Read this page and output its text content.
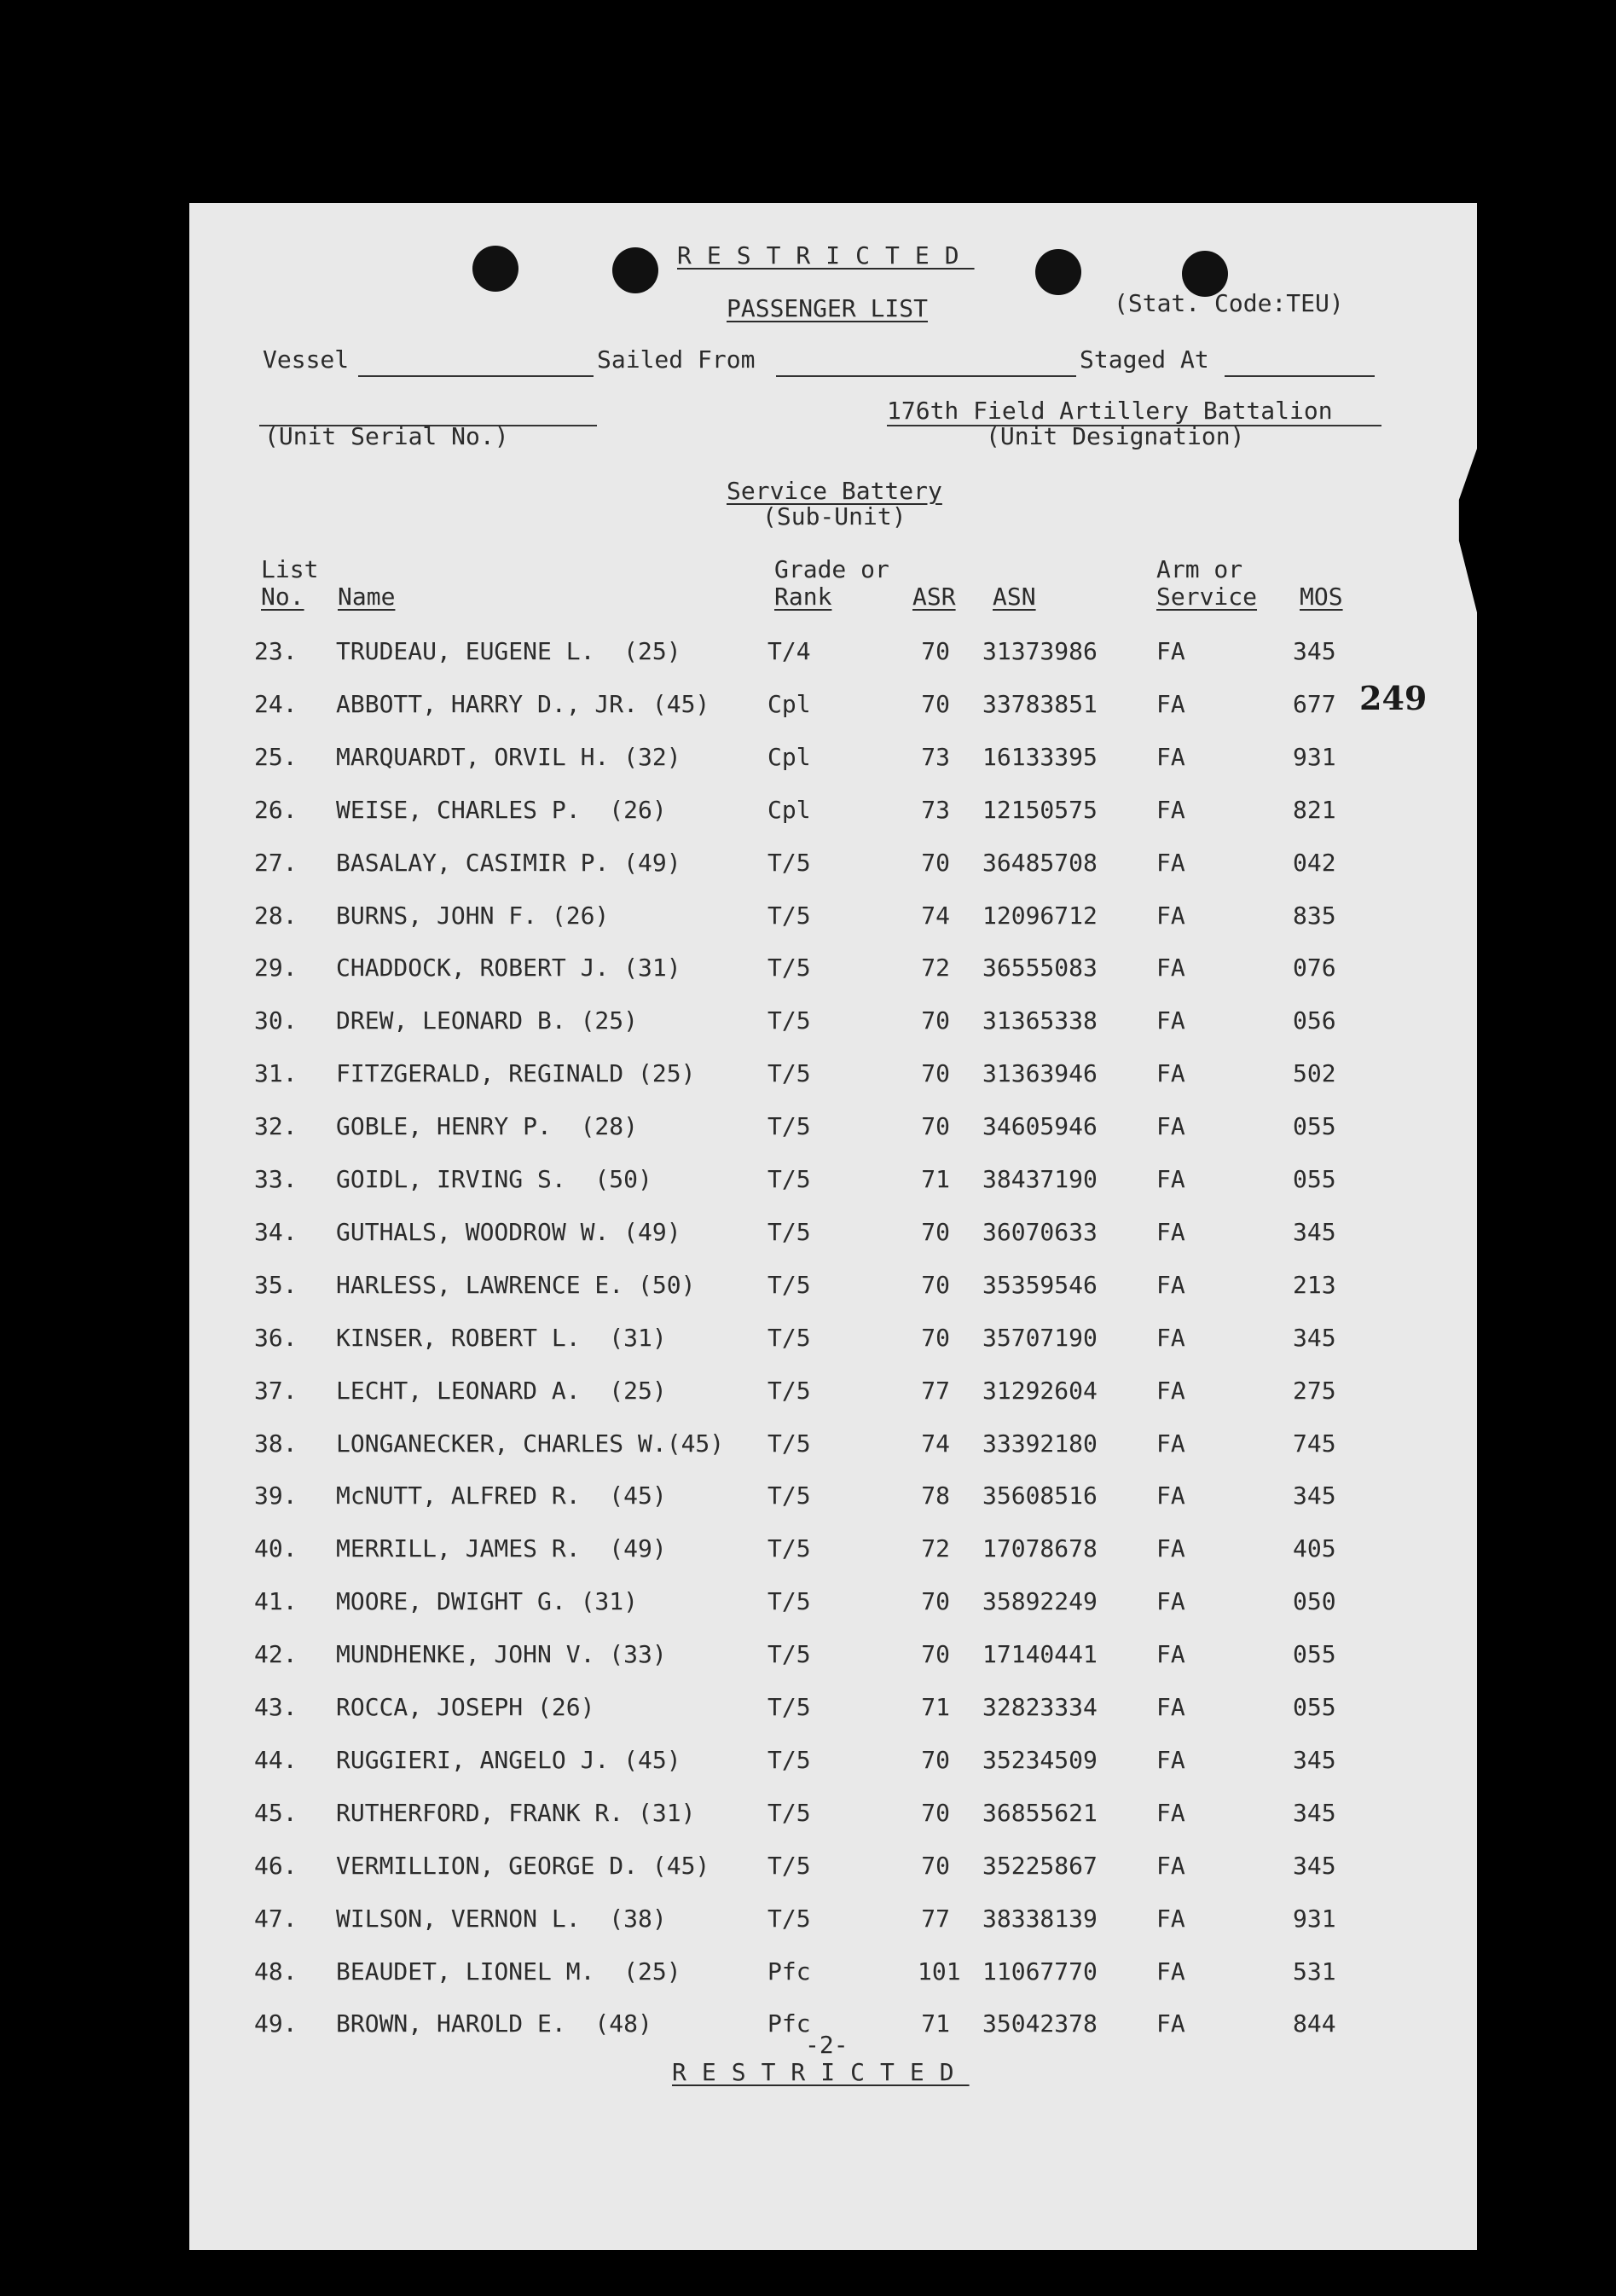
RESTRICTED
PASSENGER LIST	(Stat. Code:TEU)
Vessel	Sailed From	Staged At
(Unit Serial No.)
176th Field Artillery Battalion
(Unit Designation)
Service Battery
(Sub-Unit)
List
No. Name
Grade or
Rank	ASR ASN
Arm or
Service MOS
23. TRUDEAU, EUGENE L.  (25)	T/4	70 31373986 FA	345
24. ABBOTT, HARRY D., JR. (45) Cpl	70 33783851 FA	677
25. MARQUARDT, ORVIL H. (32)	Cpl	73 16133395 FA	931
26. WEISE, CHARLES P.  (26)	Cpl	73 12150575 FA	821
27. BASALAY, CASIMIR P. (49)	T/5	70 36485708 FA	042
28. BURNS, JOHN F. (26)	T/5	74 12096712 FA	835
29. CHADDOCK, ROBERT J. (31)	T/5	72 36555083 FA	076
30. DREW, LEONARD B. (25)	T/5	70 31365338 FA	056
31. FITZGERALD, REGINALD (25)	T/5	70 31363946 FA	502
32. GOBLE, HENRY P.  (28)	T/5	70 34605946 FA	055
33. GOIDL, IRVING S.  (50)	T/5	71 38437190 FA	055
34. GUTHALS, WOODROW W. (49)	T/5	70 36070633 FA	345
35. HARLESS, LAWRENCE E. (50)	T/5	70 35359546 FA	213
36. KINSER, ROBERT L.  (31)	T/5	70 35707190 FA	345
37. LECHT, LEONARD A.  (25)	T/5	77 31292604 FA	275
38. LONGANECKER, CHARLES W.(45) T/5	74 33392180 FA	745
39. McNUTT, ALFRED R.  (45)	T/5	78 35608516 FA	345
40. MERRILL, JAMES R.  (49)	T/5	72 17078678 FA	405
41. MOORE, DWIGHT G. (31)	T/5	70 35892249 FA	050
42. MUNDHENKE, JOHN V. (33)	T/5	70 17140441 FA	055
43. ROCCA, JOSEPH (26)	T/5	71 32823334 FA	055
44. RUGGIERI, ANGELO J. (45)	T/5	70 35234509 FA	345
45. RUTHERFORD, FRANK R. (31)	T/5	70 36855621 FA	345
46. VERMILLION, GEORGE D. (45) T/5	70 35225867 FA	345
47. WILSON, VERNON L.  (38)	T/5	77 38338139 FA	931
48. BEAUDET, LIONEL M.  (25)	Pfc	101 11067770 FA	531
49. BROWN, HAROLD E.  (48)	Pfc	71 35042378 FA	844
249
-2-
RESTRICTED
